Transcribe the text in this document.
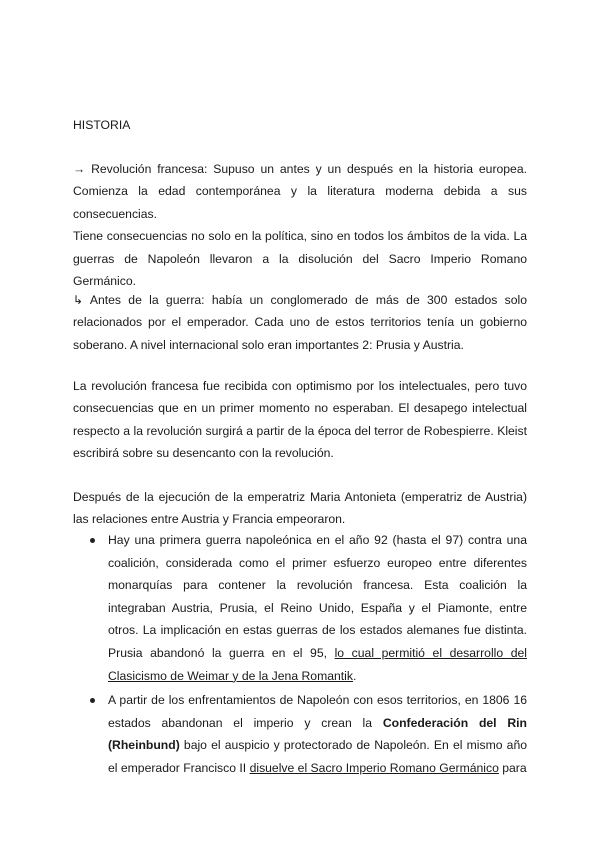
HISTORIA
→ Revolución francesa: Supuso un antes y un después en la historia europea. Comienza la edad contemporánea y la literatura moderna debida a sus consecuencias.
Tiene consecuencias no solo en la política, sino en todos los ámbitos de la vida. La guerras de Napoleón llevaron a la disolución del Sacro Imperio Romano Germánico.
↳ Antes de la guerra: había un conglomerado de más de 300 estados solo relacionados por el emperador. Cada uno de estos territorios tenía un gobierno soberano. A nivel internacional solo eran importantes 2: Prusia y Austria.
La revolución francesa fue recibida con optimismo por los intelectuales, pero tuvo consecuencias que en un primer momento no esperaban. El desapego intelectual respecto a la revolución surgirá a partir de la época del terror de Robespierre. Kleist escribirá sobre su desencanto con la revolución.
Después de la ejecución de la emperatriz Maria Antonieta (emperatriz de Austria) las relaciones entre Austria y Francia empeoraron.
Hay una primera guerra napoleónica en el año 92 (hasta el 97) contra una coalición, considerada como el primer esfuerzo europeo entre diferentes monarquías para contener la revolución francesa. Esta coalición la integraban Austria, Prusia, el Reino Unido, España y el Piamonte, entre otros. La implicación en estas guerras de los estados alemanes fue distinta. Prusia abandonó la guerra en el 95, lo cual permitió el desarrollo del Clasicismo de Weimar y de la Jena Romantik.
A partir de los enfrentamientos de Napoleón con esos territorios, en 1806 16 estados abandonan el imperio y crean la Confederación del Rin (Rheinbund) bajo el auspicio y protectorado de Napoleón. En el mismo año el emperador Francisco II disuelve el Sacro Imperio Romano Germánico para
